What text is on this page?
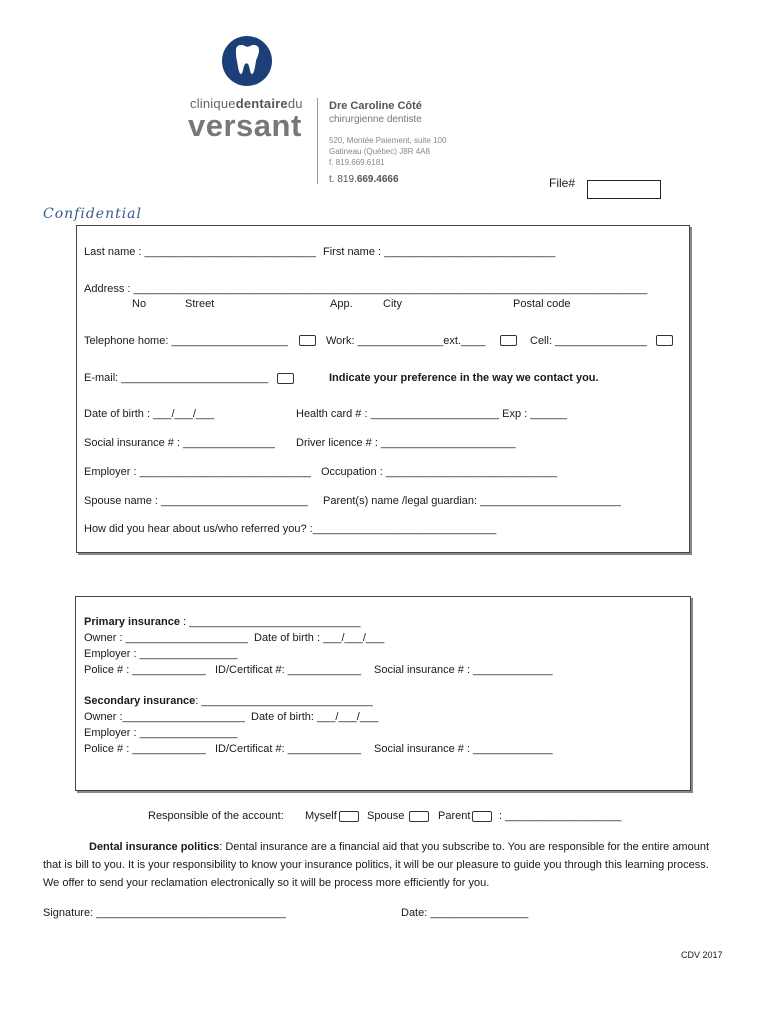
cliniquedentairedu
versant
Dre Caroline Côté
chirurgienne dentiste
520, Montée Paiement, suite 100
Gatineau (Québec) J8R 4A8
f. 819.669.6181
t. 819.669.4666	File#
Confidential
Last name : ____________________________ First name : ____________________________
Address : ____________________________________________________________________________________
No	Street	App.	City	Postal code
Telephone home: ___________________	Work: ______________ext.____	Cell: _______________
E-mail: ________________________	Indicate your preference in the way we contact you.
Date of birth : ___/___/___	Health card # : _____________________ Exp : ______
Social insurance # : _______________ Driver licence # : ______________________
Employer : ____________________________ Occupation : ____________________________
Spouse name : ________________________ Parent(s) name /legal guardian: _______________________
How did you hear about us/who referred you? :______________________________
Primary insurance : ____________________________
Owner : ____________________ Date of birth : ___/___/___
Employer : ________________
Police # : ____________ ID/Certificat #: ____________ Social insurance # : _____________
Secondary insurance: ____________________________
Owner :____________________ Date of birth: ___/___/___
Employer : ________________
Police # : ____________ ID/Certificat #: ____________ Social insurance # : _____________
Responsible of the account: Myself	Spouse	Parent	: ___________________
Dental insurance politics: Dental insurance are a financial aid that you subscribe to. You are responsible for the entire amount that is bill to you. It is your responsibility to know your insurance politics, it will be our pleasure to guide you through this learning process. We offer to send your reclamation electronically so it will be process more efficiently for you.
Signature: _______________________________	Date: ________________
CDV 2017
